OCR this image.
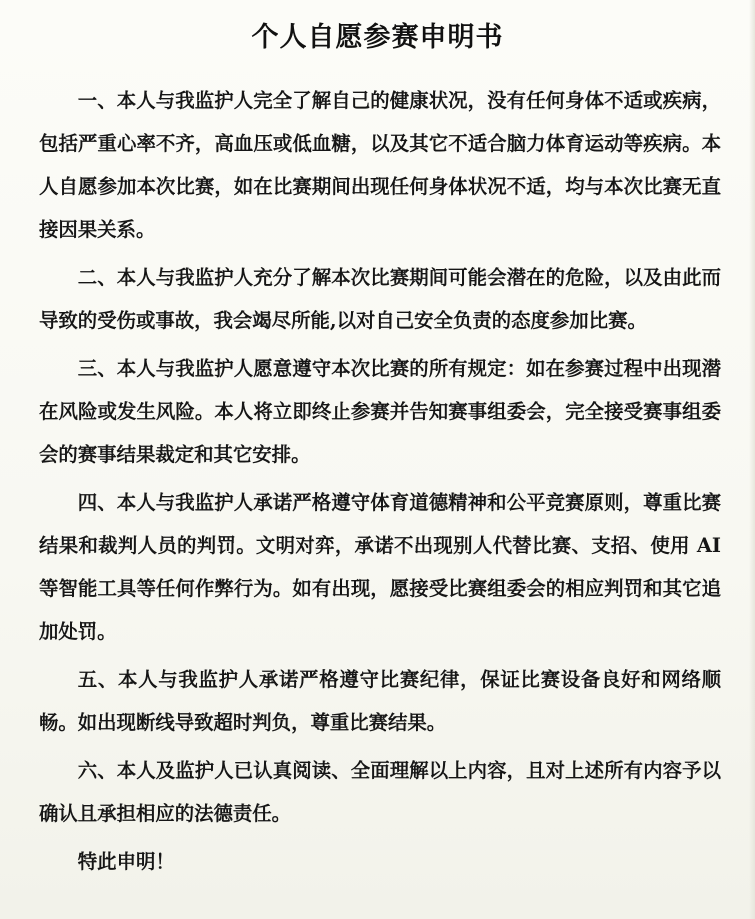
个人自愿参赛申明书

一、本人与我监护人完全了解自己的健康状况，没有任何身体不适或疾病，包括严重心率不齐，高血压或低血糖，以及其它不适合脑力体育运动等疾病。本人自愿参加本次比赛，如在比赛期间出现任何身体状况不适，均与本次比赛无直接因果关系。

二、本人与我监护人充分了解本次比赛期间可能会潜在的危险，以及由此而导致的受伤或事故，我会竭尽所能,以对自己安全负责的态度参加比赛。

三、本人与我监护人愿意遵守本次比赛的所有规定：如在参赛过程中出现潜在风险或发生风险。本人将立即终止参赛并告知赛事组委会，完全接受赛事组委会的赛事结果裁定和其它安排。

四、本人与我监护人承诺严格遵守体育道德精神和公平竞赛原则，尊重比赛结果和裁判人员的判罚。文明对弈，承诺不出现别人代替比赛、支招、使用 AI 等智能工具等任何作弊行为。如有出现，愿接受比赛组委会的相应判罚和其它追加处罚。

五、本人与我监护人承诺严格遵守比赛纪律，保证比赛设备良好和网络顺畅。如出现断线导致超时判负，尊重比赛结果。

六、本人及监护人已认真阅读、全面理解以上内容，且对上述所有内容予以确认且承担相应的法德责任。

特此申明！
